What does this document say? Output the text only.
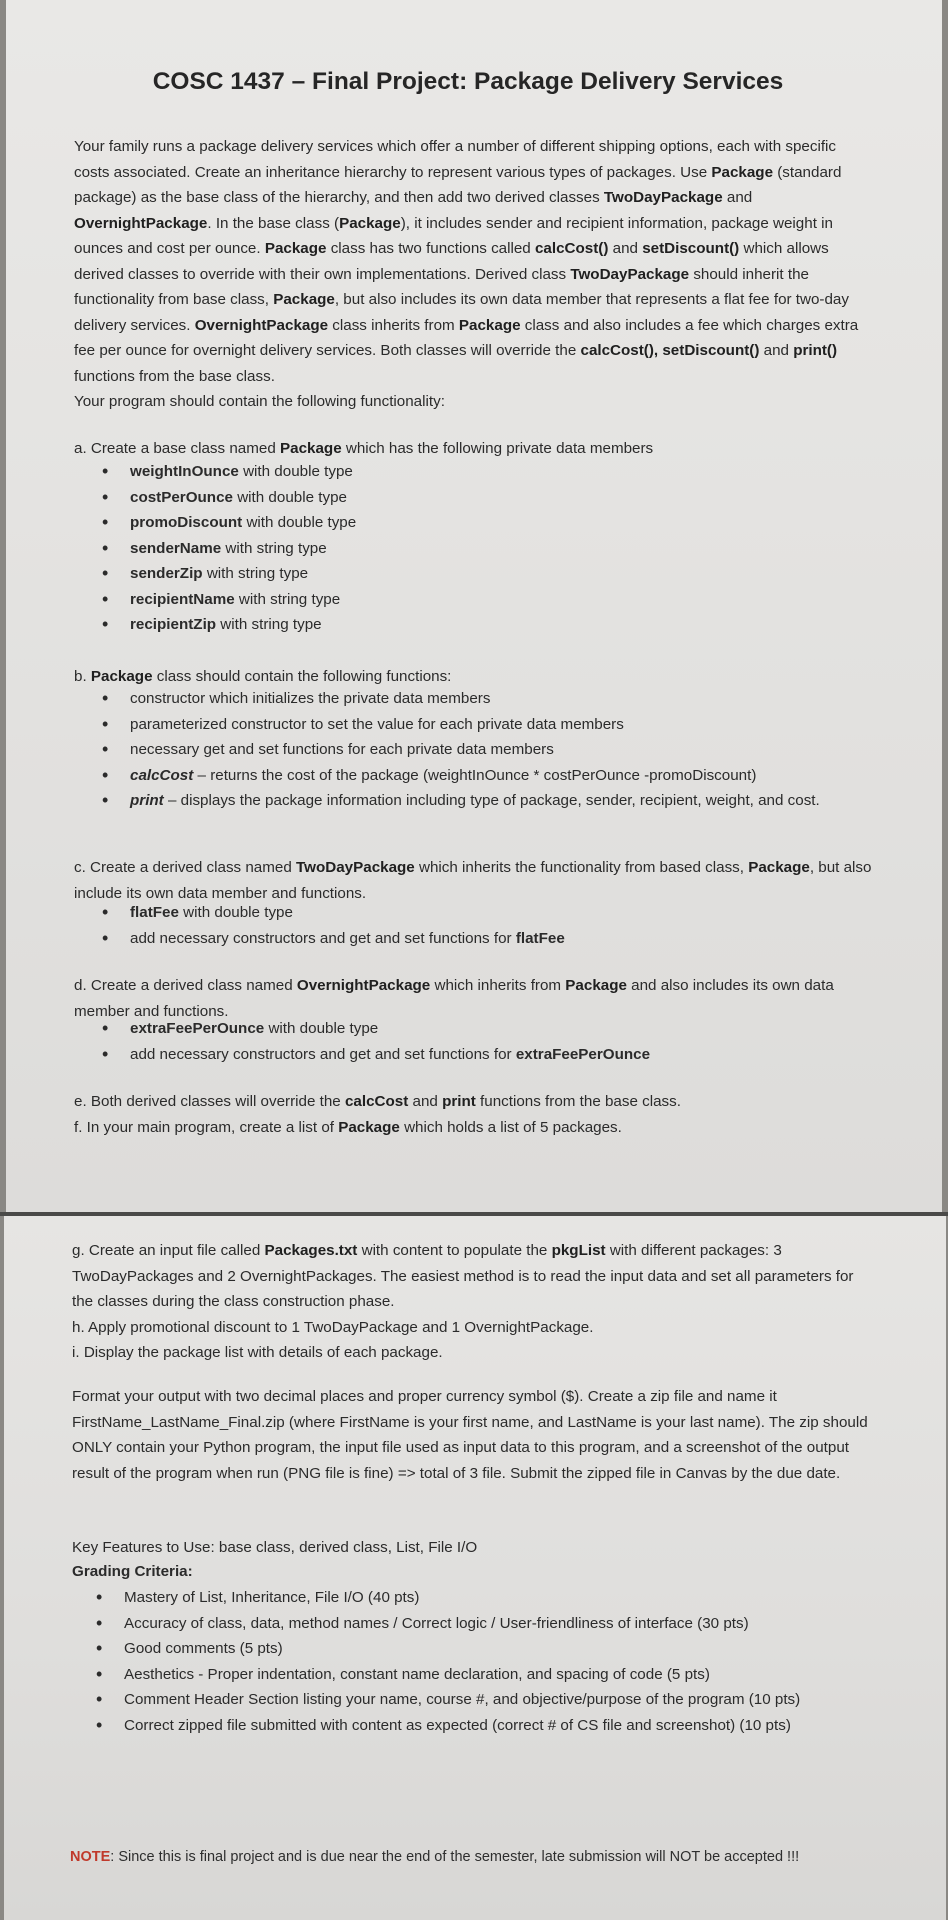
COSC 1437 – Final Project: Package Delivery Services

Your family runs a package delivery services which offer a number of different shipping options, each with specific costs associated. Create an inheritance hierarchy to represent various types of packages. Use Package (standard package) as the base class of the hierarchy, and then add two derived classes TwoDayPackage and OvernightPackage. In the base class (Package), it includes sender and recipient information, package weight in ounces and cost per ounce. Package class has two functions called calcCost() and setDiscount() which allows derived classes to override with their own implementations. Derived class TwoDayPackage should inherit the functionality from base class, Package, but also includes its own data member that represents a flat fee for two-day delivery services. OvernightPackage class inherits from Package class and also includes a fee which charges extra fee per ounce for overnight delivery services. Both classes will override the calcCost(), setDiscount() and print() functions from the base class.

Your program should contain the following functionality:

a. Create a base class named Package which has the following private data members

• weightInOunce with double type
• costPerOunce with double type
• promoDiscount with double type
• senderName with string type
• senderZip with string type
• recipientName with string type
• recipientZip with string type

b. Package class should contain the following functions:

• constructor which initializes the private data members
• parameterized constructor to set the value for each private data members
• necessary get and set functions for each private data members
• calcCost – returns the cost of the package (weightInOunce * costPerOunce -promoDiscount)
• print – displays the package information including type of package, sender, recipient, weight, and cost.

c. Create a derived class named TwoDayPackage which inherits the functionality from based class, Package, but also include its own data member and functions.

• flatFee with double type
• add necessary constructors and get and set functions for flatFee

d. Create a derived class named OvernightPackage which inherits from Package and also includes its own data member and functions.

• extraFeePerOunce with double type
• add necessary constructors and get and set functions for extraFeePerOunce
e. Both derived classes will override the calcCost and print functions from the base class.
f. In your main program, create a list of Package which holds a list of 5 packages.
g. Create an input file called Packages.txt with content to populate the pkgList with different packages: 3 TwoDayPackages and 2 OvernightPackages. The easiest method is to read the input data and set all parameters for the classes during the class construction phase.
h. Apply promotional discount to 1 TwoDayPackage and 1 OvernightPackage.
i. Display the package list with details of each package.

Format your output with two decimal places and proper currency symbol ($). Create a zip file and name it FirstName_LastName_Final.zip (where FirstName is your first name, and LastName is your last name). The zip should ONLY contain your Python program, the input file used as input data to this program, and a screenshot of the output result of the program when run (PNG file is fine) => total of 3 file. Submit the zipped file in Canvas by the due date.

Key Features to Use: base class, derived class, List, File I/O

Grading Criteria:

• Mastery of List, Inheritance, File I/O (40 pts)
• Accuracy of class, data, method names / Correct logic / User-friendliness of interface (30 pts)
• Good comments (5 pts)
• Aesthetics - Proper indentation, constant name declaration, and spacing of code (5 pts)
• Comment Header Section listing your name, course #, and objective/purpose of the program (10 pts)
• Correct zipped file submitted with content as expected (correct # of CS file and screenshot) (10 pts)
NOTE: Since this is final project and is due near the end of the semester, late submission will NOT be accepted !!!
